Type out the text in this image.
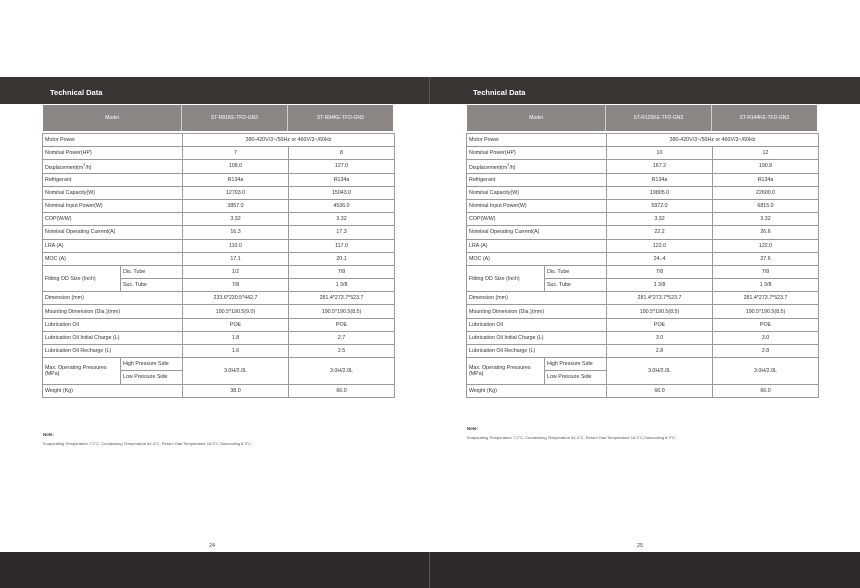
Technical Data
Model	ST-R81KE-TFD-GN3	ST-R94KE-TFD-GN3
Motor Power		380-420V/3~/50Hz or 460V/3~/60Hz	
Nominal Power(HP)		7	8
$Displacement(m^3/h)$		108.0	127.0
Refrigerant		R134a	R134a
Nominal Capacity(W)		12793.0	15043.0
Nominal Input Power(W)		3857.0	4536.0
COP(W/W)		3.32	3.32
Nominal Operating Current(A)		16.3	17.3
LRA (A)		110.0	117.0
MOC (A)		17.1	20.1
Fitting OD Size (Inch)	Dis. Tube	1/2	7/8
	Suc. Tube	7/8	1 3/8
Dimension (mm)		233.6*230.5*442.7	281.4*273.7*523.7
Mounting Dimension (Dia.)(mm)		190.5*190.5(9.0)	190.5*190.5(8.5)
Lubrication Oil		POE	POE
Lubrication Oil Initial Charge (L)		1.8	2.7
Lubrication Oil Recharge (L)		1.6	2.5

Max. Operating Pressures
(MPa)	High Pressure Side	3.0H/2.0L	3.0H/2.0L
	Low Pressure Side		
Weight (Kg)		38.0	66.0
Note:
Evaporating Temperature 7.2°C, Condensing Temperature 54.4°C, Return Gas Temperature 18.3°C,Subcooling 8.3°C
24
Technical Data
Model	ST-R125KE-TFD-GN3	ST-R144KE-TFD-GN3
Motor Power		380-420V/3~/50Hz or 460V/3~/60Hz	
Nominal Power(HP)		10	12
$Displacement(m^3/h)$		167.2	190.8
Refrigerant		R134a	R134a
Nominal Capacity(W)		19805.0	22600.0
Nominal Input Power(W)		5972.0	6815.0
COP(W/W)		3.32	3.32
Nominal Operating Current(A)		22.2	26.6
LRA (A)		122.0	122.0
MOC (A)		24..4	27.6
Fitting OD Size (Inch)	Dis. Tube	7/8	7/8
	Suc. Tube	1 3/8	1 3/8
Dimension (mm)		281.4*273.7*523.7	281.4*273.7*523.7
Mounting Dimension (Dia.)(mm)		190.5*190.5(8.5)	190.5*190.5(8.5)
Lubrication Oil		POE	POE
Lubrication Oil Initial Charge (L)		3.0	3.0
Lubrication Oil Recharge (L)		2.8	2.8

Max. Operating Pressures
(MPa)	High Pressure Side	3.0H/2.0L	3.0H/2.0L
	Low Pressure Side		
Weight (Kg)		66.0	66.0
Note:
Evaporating Temperature 7.2°C, Condensing Temperature 54.4°C, Return Gas Temperature 18.3°C,Subcooling 8.3°C
25
